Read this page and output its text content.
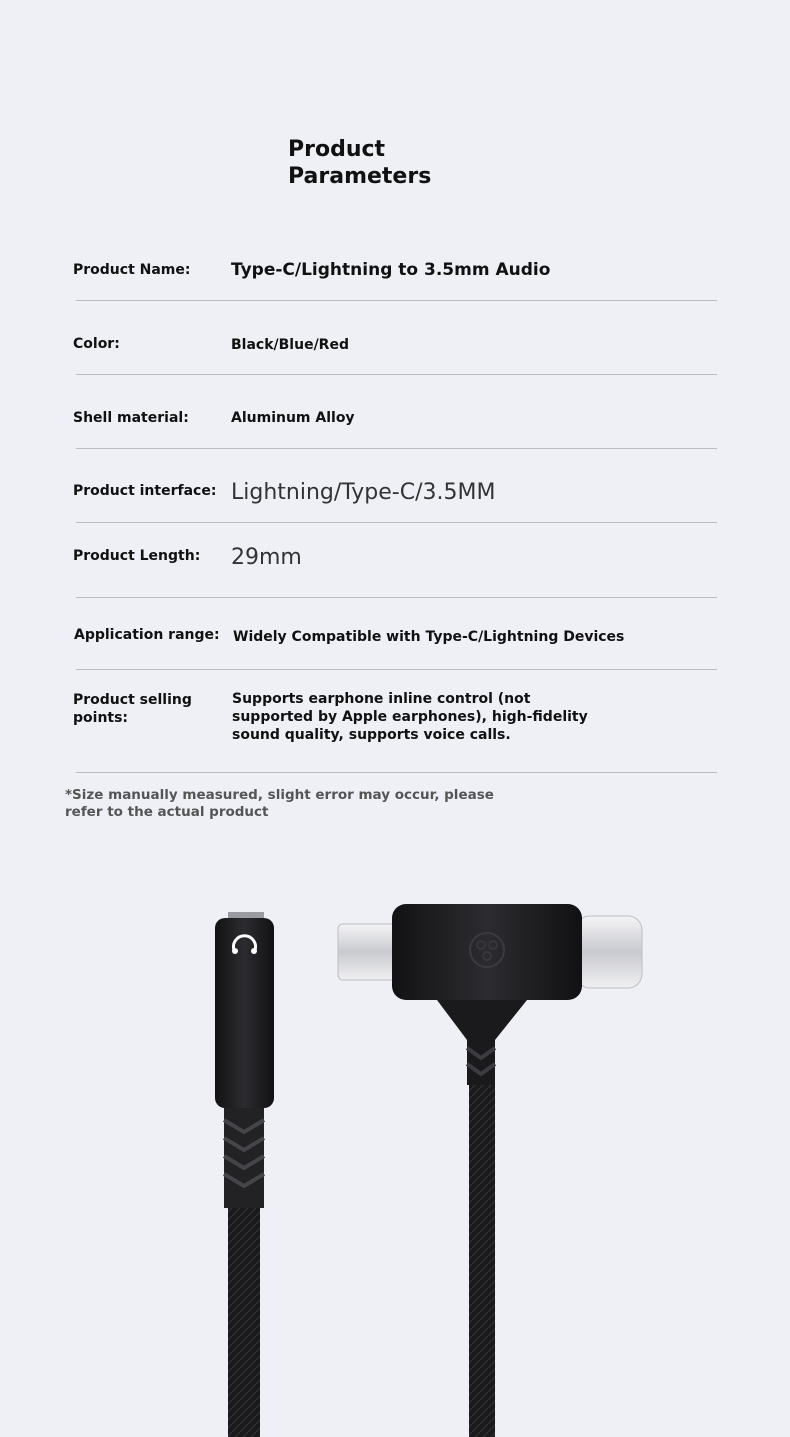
Product
Parameters
Product Name:	Type-C/Lightning to 3.5mm Audio
Color:	Black/Blue/Red
Shell material:	Aluminum Alloy
Product interface: Lightning/Type-C/3.5MM
Product Length:	29mm
Application range: Widely Compatible with Type-C/Lightning Devices
Product selling points:
Supports earphone inline control (not supported by Apple earphones), high-fidelity sound quality, supports voice calls.
*Size manually measured, slight error may occur, please refer to the actual product
